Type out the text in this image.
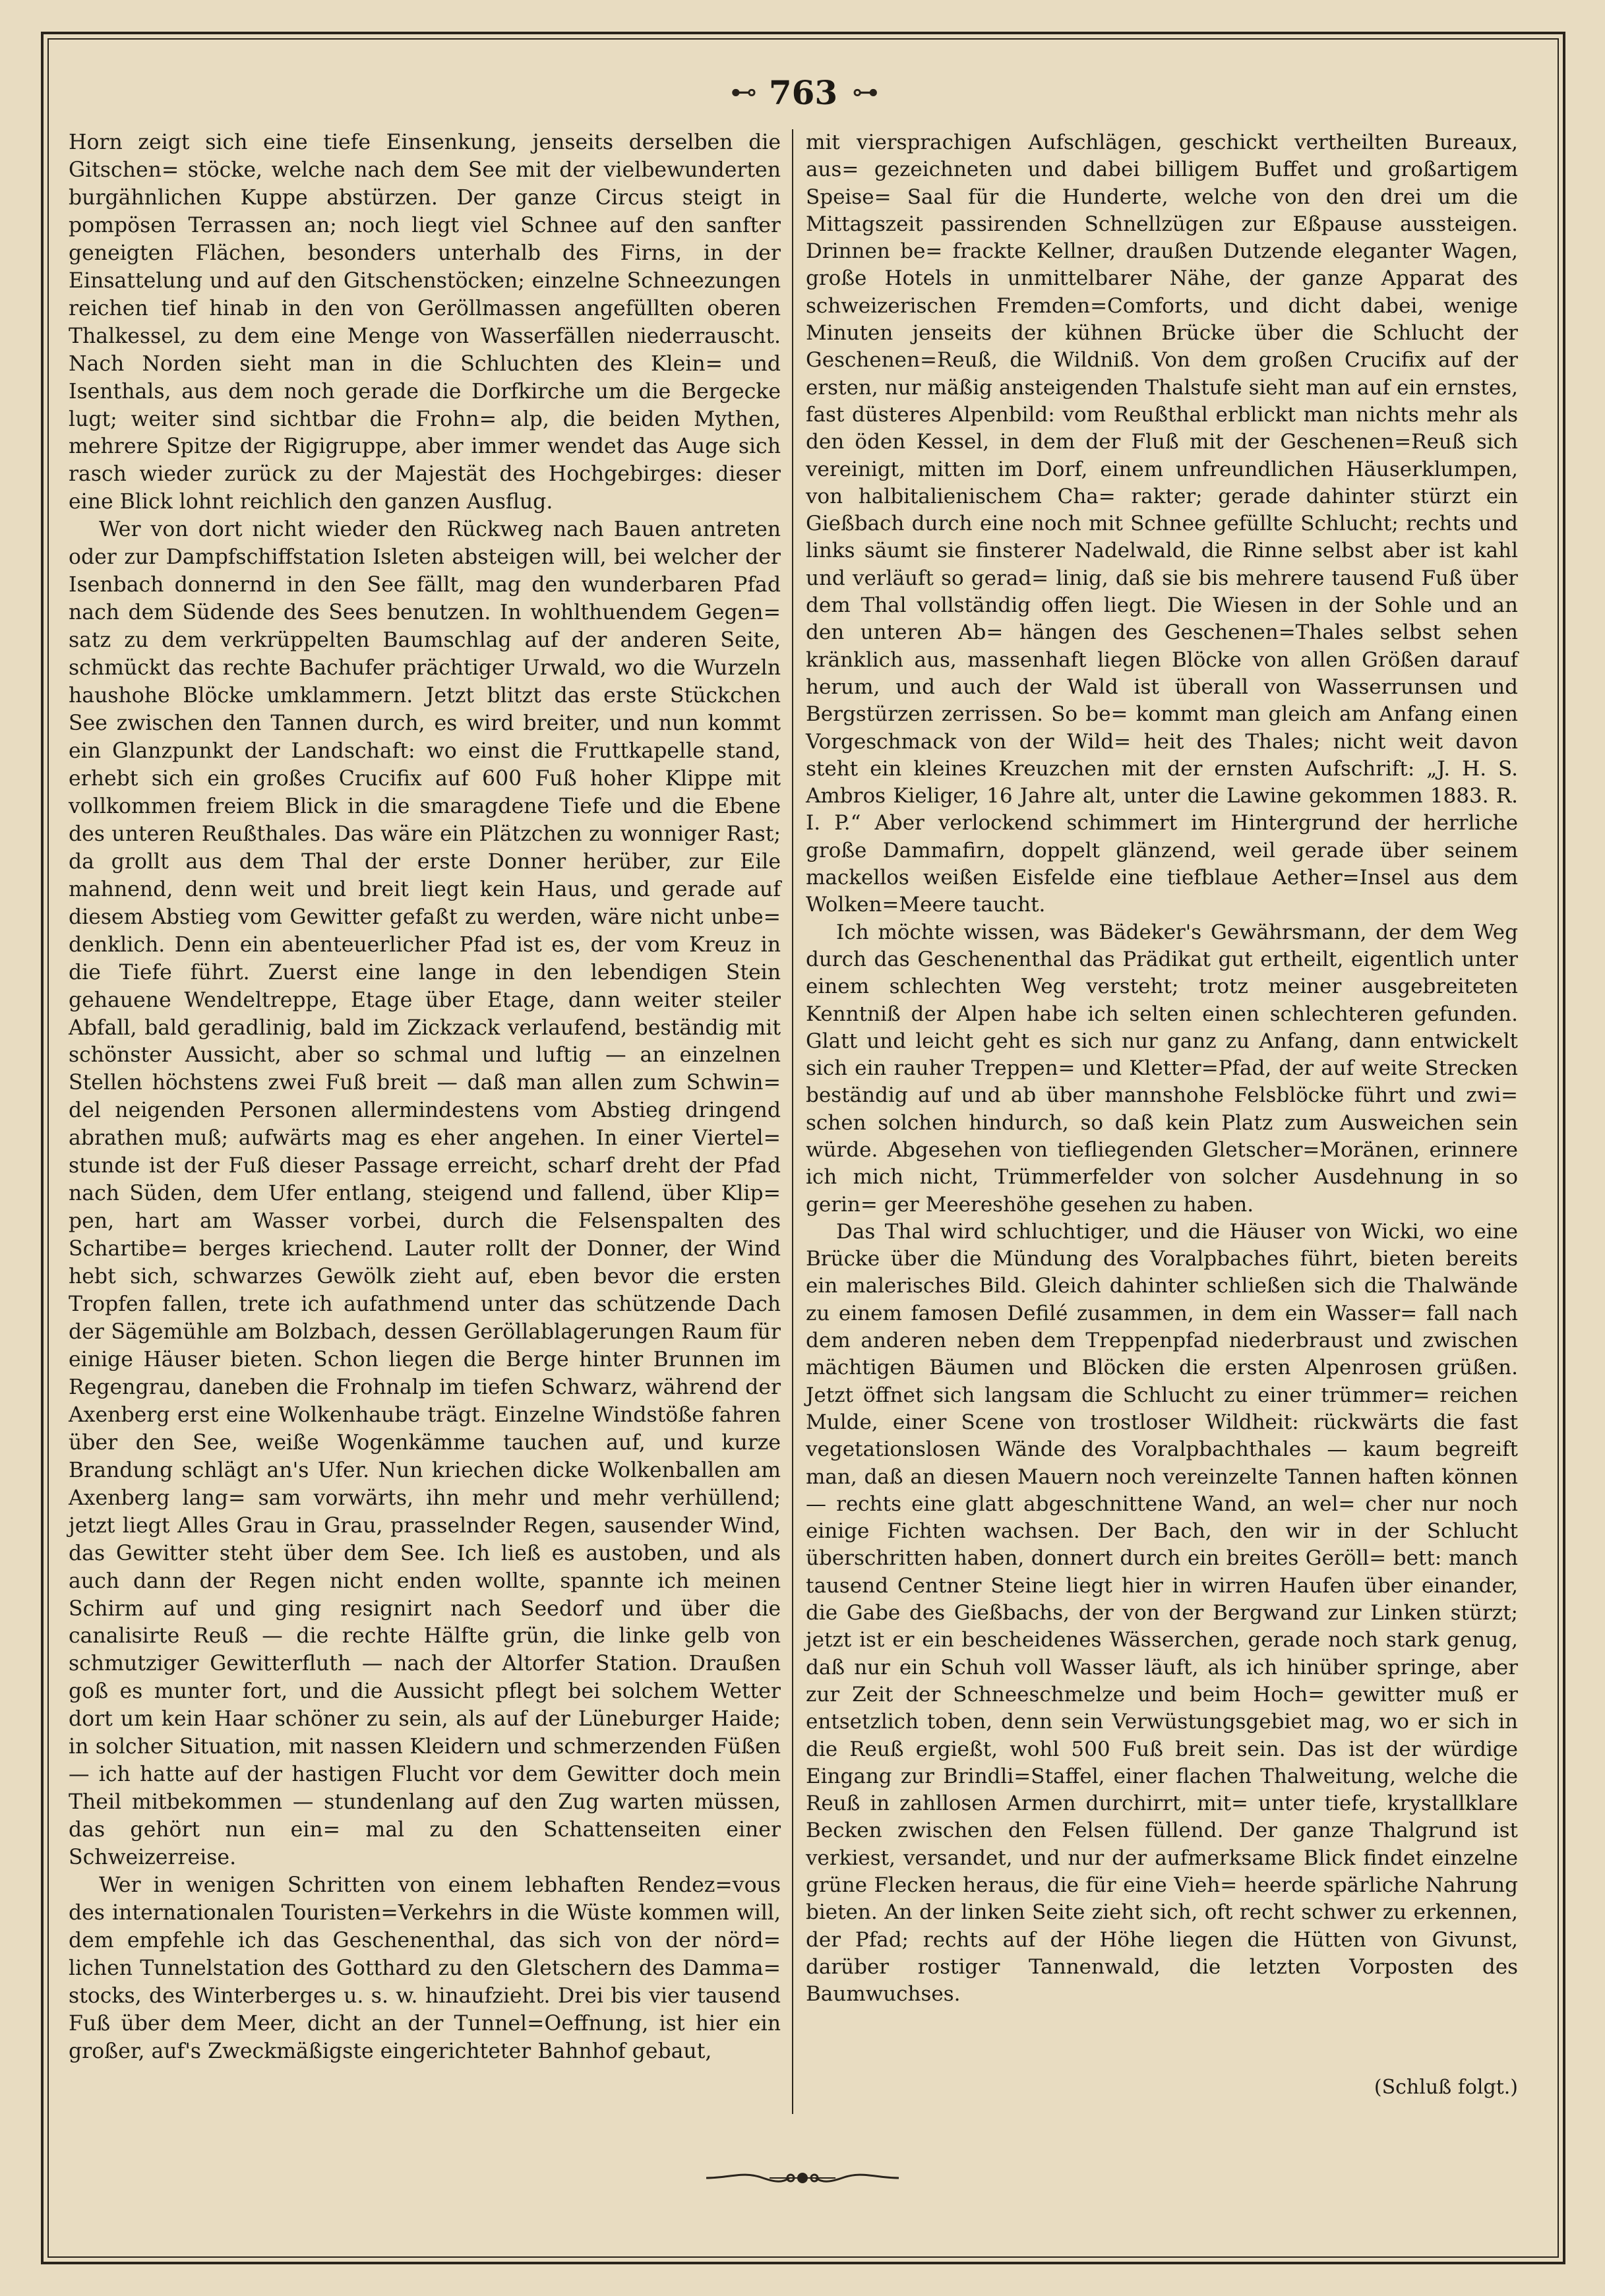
⊷ 763 ⊶

Horn zeigt sich eine tiefe Einsenkung, jenseits derselben die Gitschen= stöcke, welche nach dem See mit der vielbewunderten burgähnlichen Kuppe abstürzen. Der ganze Circus steigt in pompösen Terrassen an; noch liegt viel Schnee auf den sanfter geneigten Flächen, besonders unterhalb des Firns, in der Einsattelung und auf den Gitschenstöcken; einzelne Schneezungen reichen tief hinab in den von Geröllmassen angefüllten oberen Thalkessel, zu dem eine Menge von Wasserfällen niederrauscht. Nach Norden sieht man in die Schluchten des Klein= und Isenthals, aus dem noch gerade die Dorfkirche um die Bergecke lugt; weiter sind sichtbar die Frohn= alp, die beiden Mythen, mehrere Spitze der Rigigruppe, aber immer wendet das Auge sich rasch wieder zurück zu der Majestät des Hochgebirges: dieser eine Blick lohnt reichlich den ganzen Ausflug.

Wer von dort nicht wieder den Rückweg nach Bauen antreten oder zur Dampfschiffstation Isleten absteigen will, bei welcher der Isenbach donnernd in den See fällt, mag den wunderbaren Pfad nach dem Südende des Sees benutzen. In wohlthuendem Gegen= satz zu dem verkrüppelten Baumschlag auf der anderen Seite, schmückt das rechte Bachufer prächtiger Urwald, wo die Wurzeln haushohe Blöcke umklammern. Jetzt blitzt das erste Stückchen See zwischen den Tannen durch, es wird breiter, und nun kommt ein Glanzpunkt der Landschaft: wo einst die Fruttkapelle stand, erhebt sich ein großes Crucifix auf 600 Fuß hoher Klippe mit vollkommen freiem Blick in die smaragdene Tiefe und die Ebene des unteren Reußthales. Das wäre ein Plätzchen zu wonniger Rast; da grollt aus dem Thal der erste Donner herüber, zur Eile mahnend, denn weit und breit liegt kein Haus, und gerade auf diesem Abstieg vom Gewitter gefaßt zu werden, wäre nicht unbe= denklich. Denn ein abenteuerlicher Pfad ist es, der vom Kreuz in die Tiefe führt. Zuerst eine lange in den lebendigen Stein gehauene Wendeltreppe, Etage über Etage, dann weiter steiler Abfall, bald geradlinig, bald im Zickzack verlaufend, beständig mit schönster Aussicht, aber so schmal und luftig — an einzelnen Stellen höchstens zwei Fuß breit — daß man allen zum Schwin= del neigenden Personen allermindestens vom Abstieg dringend abrathen muß; aufwärts mag es eher angehen. In einer Viertel= stunde ist der Fuß dieser Passage erreicht, scharf dreht der Pfad nach Süden, dem Ufer entlang, steigend und fallend, über Klip= pen, hart am Wasser vorbei, durch die Felsenspalten des Schartibe= berges kriechend. Lauter rollt der Donner, der Wind hebt sich, schwarzes Gewölk zieht auf, eben bevor die ersten Tropfen fallen, trete ich aufathmend unter das schützende Dach der Sägemühle am Bolzbach, dessen Geröllablagerungen Raum für einige Häuser bieten. Schon liegen die Berge hinter Brunnen im Regengrau, daneben die Frohnalp im tiefen Schwarz, während der Axenberg erst eine Wolkenhaube trägt. Einzelne Windstöße fahren über den See, weiße Wogenkämme tauchen auf, und kurze Brandung schlägt an's Ufer. Nun kriechen dicke Wolkenballen am Axenberg lang= sam vorwärts, ihn mehr und mehr verhüllend; jetzt liegt Alles Grau in Grau, prasselnder Regen, sausender Wind, das Gewitter steht über dem See. Ich ließ es austoben, und als auch dann der Regen nicht enden wollte, spannte ich meinen Schirm auf und ging resignirt nach Seedorf und über die canalisirte Reuß — die rechte Hälfte grün, die linke gelb von schmutziger Gewitterfluth — nach der Altorfer Station. Draußen goß es munter fort, und die Aussicht pflegt bei solchem Wetter dort um kein Haar schöner zu sein, als auf der Lüneburger Haide; in solcher Situation, mit nassen Kleidern und schmerzenden Füßen — ich hatte auf der hastigen Flucht vor dem Gewitter doch mein Theil mitbekommen — stundenlang auf den Zug warten müssen, das gehört nun ein= mal zu den Schattenseiten einer Schweizerreise.

Wer in wenigen Schritten von einem lebhaften Rendez=vous des internationalen Touristen=Verkehrs in die Wüste kommen will, dem empfehle ich das Geschenenthal, das sich von der nörd= lichen Tunnelstation des Gotthard zu den Gletschern des Damma= stocks, des Winterberges u. s. w. hinaufzieht. Drei bis vier tausend Fuß über dem Meer, dicht an der Tunnel=Oeffnung, ist hier ein großer, auf's Zweckmäßigste eingerichteter Bahnhof gebaut,

mit viersprachigen Aufschlägen, geschickt vertheilten Bureaux, aus= gezeichneten und dabei billigem Buffet und großartigem Speise= Saal für die Hunderte, welche von den drei um die Mittagszeit passirenden Schnellzügen zur Eßpause aussteigen. Drinnen be= frackte Kellner, draußen Dutzende eleganter Wagen, große Hotels in unmittelbarer Nähe, der ganze Apparat des schweizerischen Fremden=Comforts, und dicht dabei, wenige Minuten jenseits der kühnen Brücke über die Schlucht der Geschenen=Reuß, die Wildniß. Von dem großen Crucifix auf der ersten, nur mäßig ansteigenden Thalstufe sieht man auf ein ernstes, fast düsteres Alpenbild: vom Reußthal erblickt man nichts mehr als den öden Kessel, in dem der Fluß mit der Geschenen=Reuß sich vereinigt, mitten im Dorf, einem unfreundlichen Häuserklumpen, von halbitalienischem Cha= rakter; gerade dahinter stürzt ein Gießbach durch eine noch mit Schnee gefüllte Schlucht; rechts und links säumt sie finsterer Nadelwald, die Rinne selbst aber ist kahl und verläuft so gerad= linig, daß sie bis mehrere tausend Fuß über dem Thal vollständig offen liegt. Die Wiesen in der Sohle und an den unteren Ab= hängen des Geschenen=Thales selbst sehen kränklich aus, massenhaft liegen Blöcke von allen Größen darauf herum, und auch der Wald ist überall von Wasserrunsen und Bergstürzen zerrissen. So be= kommt man gleich am Anfang einen Vorgeschmack von der Wild= heit des Thales; nicht weit davon steht ein kleines Kreuzchen mit der ernsten Aufschrift: „J. H. S. Ambros Kieliger, 16 Jahre alt, unter die Lawine gekommen 1883. R. I. P.“ Aber verlockend schimmert im Hintergrund der herrliche große Dammafirn, doppelt glänzend, weil gerade über seinem mackellos weißen Eisfelde eine tiefblaue Aether=Insel aus dem Wolken=Meere taucht.

Ich möchte wissen, was Bädeker's Gewährsmann, der dem Weg durch das Geschenenthal das Prädikat gut ertheilt, eigentlich unter einem schlechten Weg versteht; trotz meiner ausgebreiteten Kenntniß der Alpen habe ich selten einen schlechteren gefunden. Glatt und leicht geht es sich nur ganz zu Anfang, dann entwickelt sich ein rauher Treppen= und Kletter=Pfad, der auf weite Strecken beständig auf und ab über mannshohe Felsblöcke führt und zwi= schen solchen hindurch, so daß kein Platz zum Ausweichen sein würde. Abgesehen von tiefliegenden Gletscher=Moränen, erinnere ich mich nicht, Trümmerfelder von solcher Ausdehnung in so gerin= ger Meereshöhe gesehen zu haben.

Das Thal wird schluchtiger, und die Häuser von Wicki, wo eine Brücke über die Mündung des Voralpbaches führt, bieten bereits ein malerisches Bild. Gleich dahinter schließen sich die Thalwände zu einem famosen Defilé zusammen, in dem ein Wasser= fall nach dem anderen neben dem Treppenpfad niederbraust und zwischen mächtigen Bäumen und Blöcken die ersten Alpenrosen grüßen. Jetzt öffnet sich langsam die Schlucht zu einer trümmer= reichen Mulde, einer Scene von trostloser Wildheit: rückwärts die fast vegetationslosen Wände des Voralpbachthales — kaum begreift man, daß an diesen Mauern noch vereinzelte Tannen haften können — rechts eine glatt abgeschnittene Wand, an wel= cher nur noch einige Fichten wachsen. Der Bach, den wir in der Schlucht überschritten haben, donnert durch ein breites Geröll= bett: manch tausend Centner Steine liegt hier in wirren Haufen über einander, die Gabe des Gießbachs, der von der Bergwand zur Linken stürzt; jetzt ist er ein bescheidenes Wässerchen, gerade noch stark genug, daß nur ein Schuh voll Wasser läuft, als ich hinüber springe, aber zur Zeit der Schneeschmelze und beim Hoch= gewitter muß er entsetzlich toben, denn sein Verwüstungsgebiet mag, wo er sich in die Reuß ergießt, wohl 500 Fuß breit sein. Das ist der würdige Eingang zur Brindli=Staffel, einer flachen Thalweitung, welche die Reuß in zahllosen Armen durchirrt, mit= unter tiefe, krystallklare Becken zwischen den Felsen füllend. Der ganze Thalgrund ist verkiest, versandet, und nur der aufmerksame Blick findet einzelne grüne Flecken heraus, die für eine Vieh= heerde spärliche Nahrung bieten. An der linken Seite zieht sich, oft recht schwer zu erkennen, der Pfad; rechts auf der Höhe liegen die Hütten von Givunst, darüber rostiger Tannenwald, die letzten Vorposten des Baumwuchses.

(Schluß folgt.)
